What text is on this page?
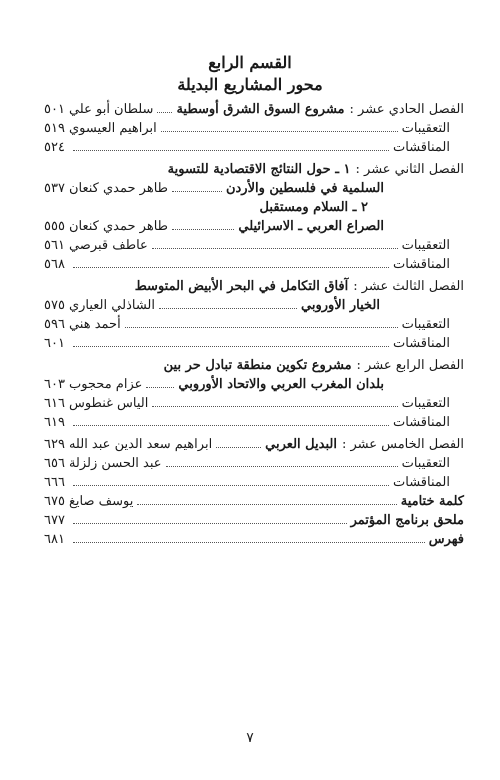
القسم الرابع
محور المشاريع البديلة
الفصل الحادي عشر :
مشروع السوق الشرق أوسطية
سلطان أبو علي
٥٠١
التعقيبات
ابراهيم العيسوي
٥١٩
المناقشات
٥٢٤
الفصل الثاني عشر :
١ ـ حول النتائج الاقتصادية للتسوية
السلمية في فلسطين والأردن
طاهر حمدي كنعان
٥٣٧
٢ ـ السلام ومستقبل
الصراع العربي ـ الاسرائيلي
طاهر حمدي كنعان
٥٥٥
التعقيبات
عاطف قبرصي
٥٦١
المناقشات
٥٦٨
الفصل الثالث عشر :
آفاق التكامل في البحر الأبيض المتوسط
الخيار الأوروبي
الشاذلي العياري
٥٧٥
التعقيبات
أحمد هني
٥٩٦
المناقشات
٦٠١
الفصل الرابع عشر :
مشروع تكوين منطقة تبادل حر بين
بلدان المغرب العربي والاتحاد الأوروبي
عزام محجوب
٦٠٣
التعقيبات
الياس غنطوس
٦١٦
المناقشات
٦١٩
الفصل الخامس عشر :
البديل العربي
ابراهيم سعد الدين عبد الله
٦٢٩
التعقيبات
عبد الحسن زلزلة
٦٥٦
المناقشات
٦٦٦
كلمة ختامية
يوسف صايغ
٦٧٥
ملحق برنامج المؤتمر
٦٧٧
فهرس
٦٨١
٧
